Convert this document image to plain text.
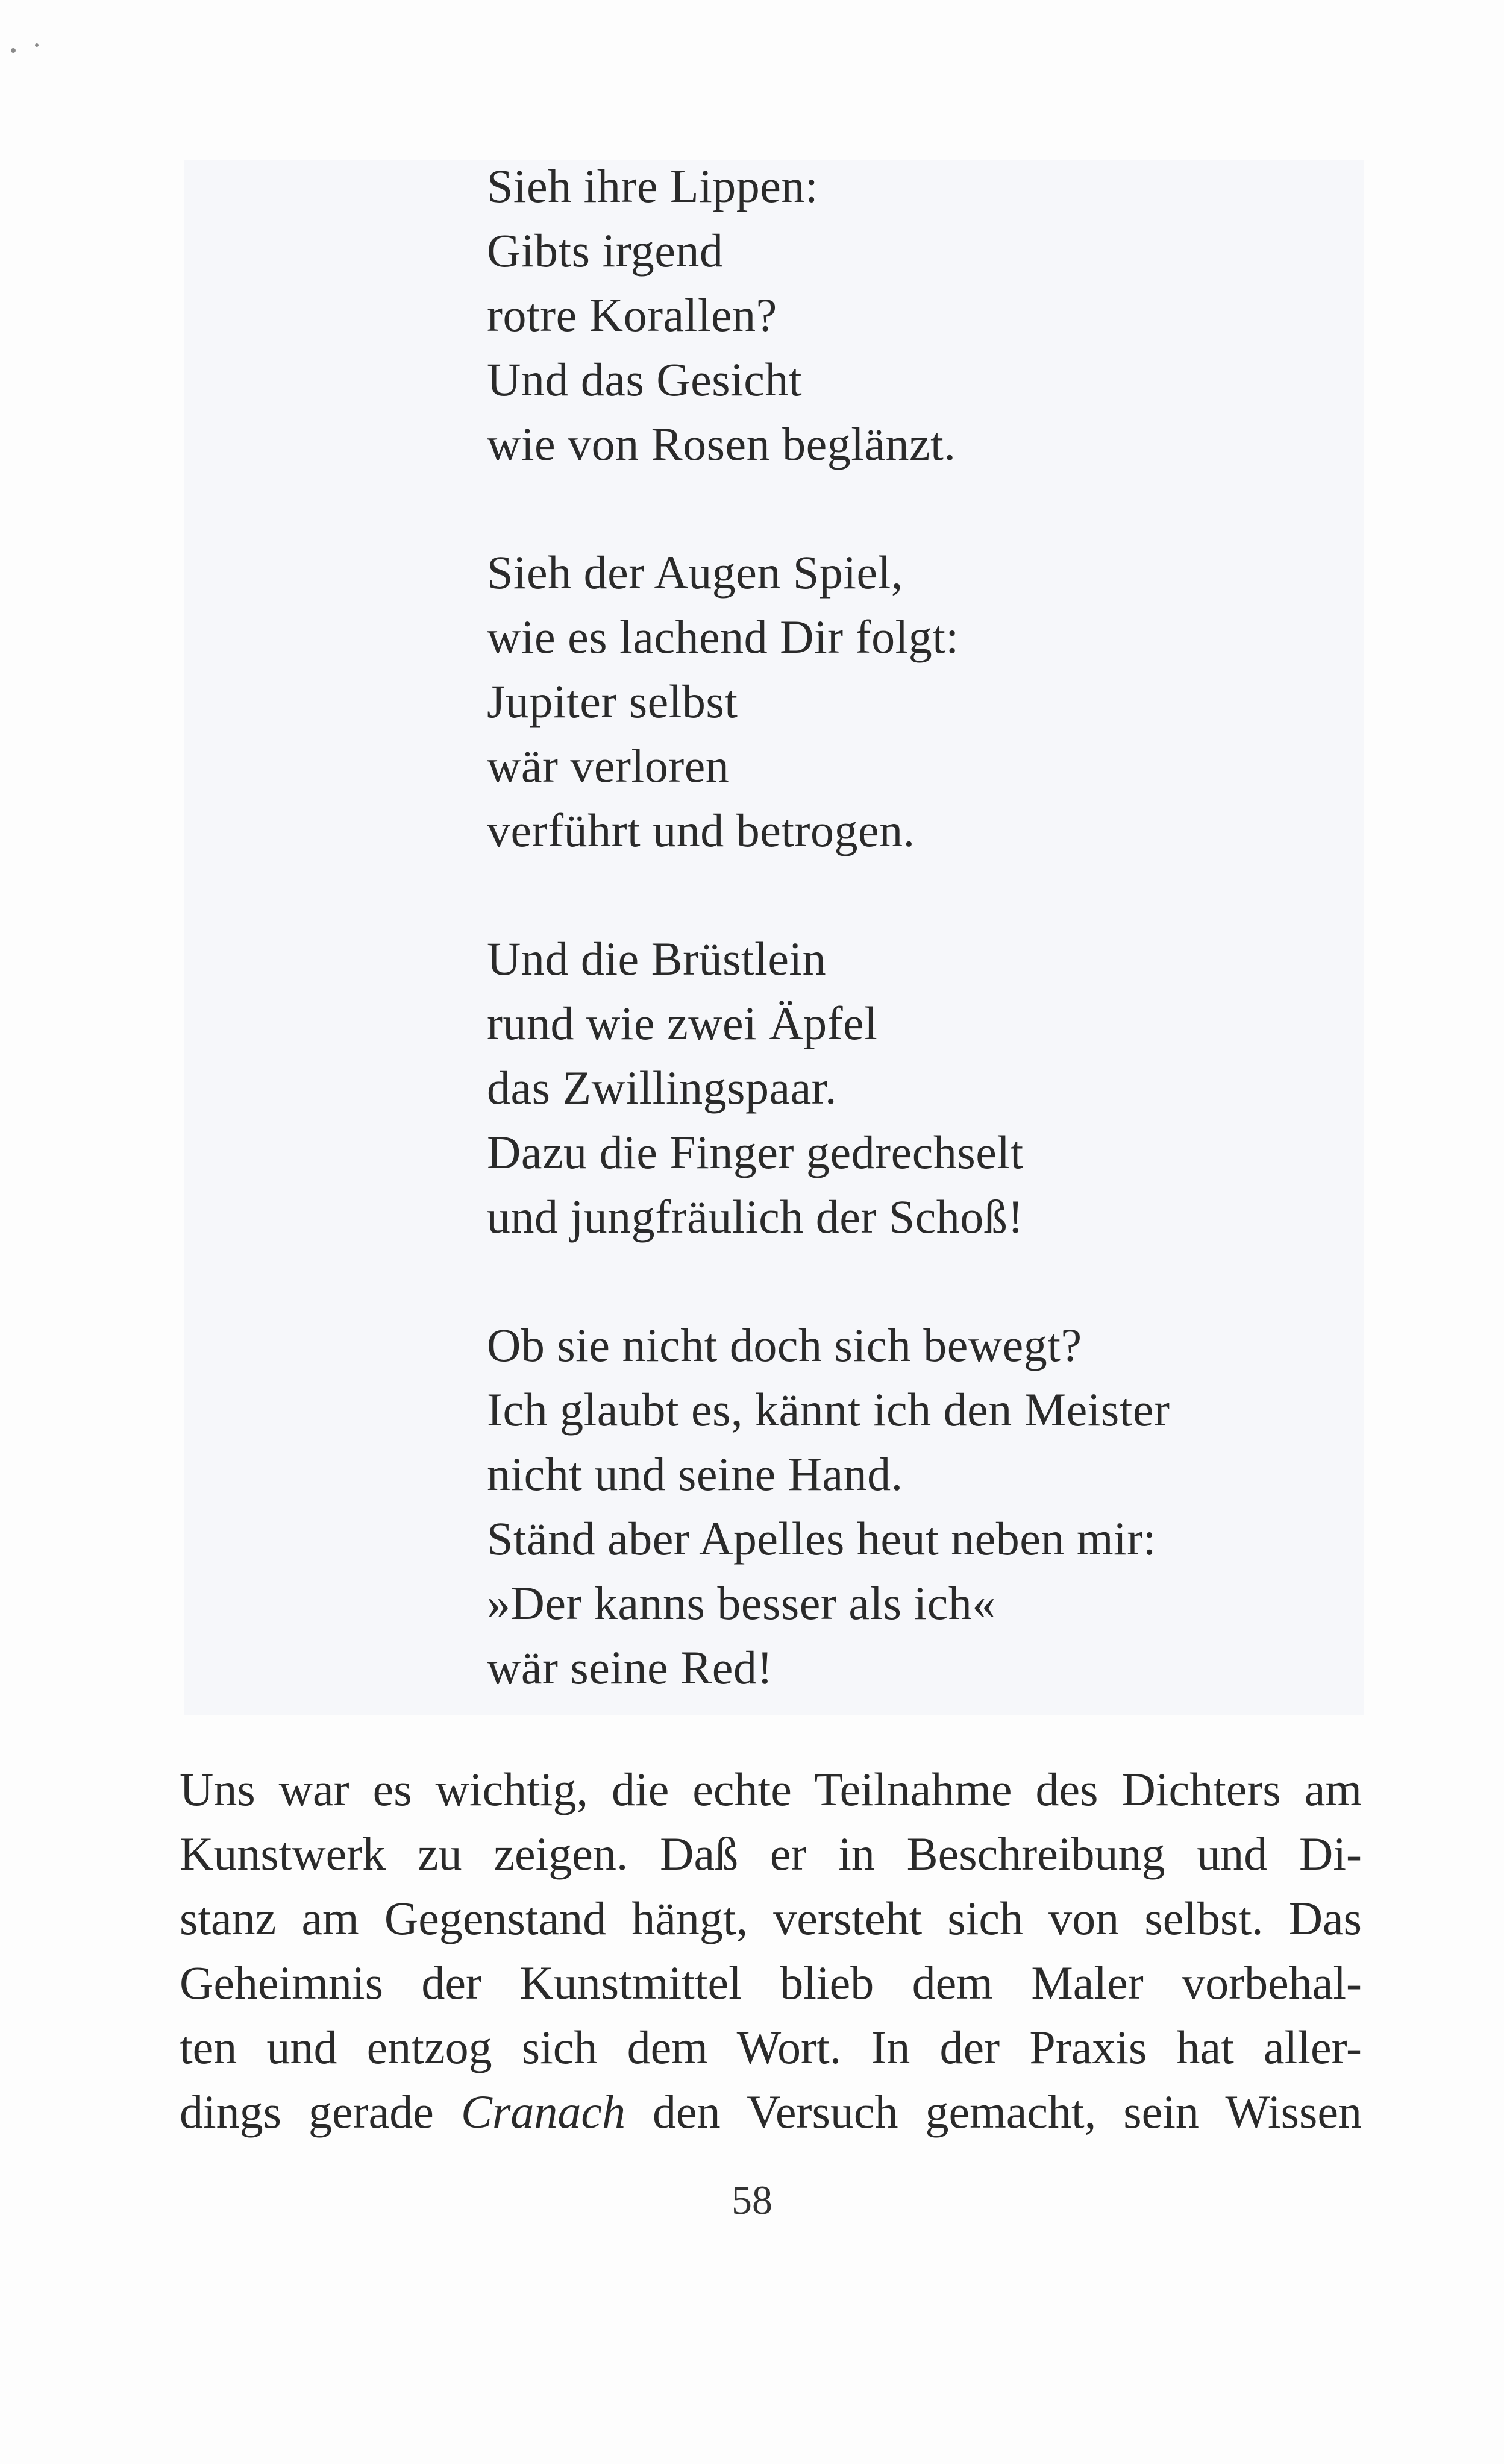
Sieh ihre Lippen:
Gibts irgend
rotre Korallen?
Und das Gesicht
wie von Rosen beglänzt.
Sieh der Augen Spiel,
wie es lachend Dir folgt:
Jupiter selbst
wär verloren
verführt und betrogen.
Und die Brüstlein
rund wie zwei Äpfel
das Zwillingspaar.
Dazu die Finger gedrechselt
und jungfräulich der Schoß!
Ob sie nicht doch sich bewegt?
Ich glaubt es, kännt ich den Meister
nicht und seine Hand.
Ständ aber Apelles heut neben mir:
»Der kanns besser als ich«
wär seine Red!
Uns war es wichtig, die echte Teilnahme des Dichters am
Kunstwerk zu zeigen. Daß er in Beschreibung und Di-
stanz am Gegenstand hängt, versteht sich von selbst. Das
Geheimnis der Kunstmittel blieb dem Maler vorbehal-
ten und entzog sich dem Wort. In der Praxis hat aller-
dings gerade Cranach den Versuch gemacht, sein Wissen
58
